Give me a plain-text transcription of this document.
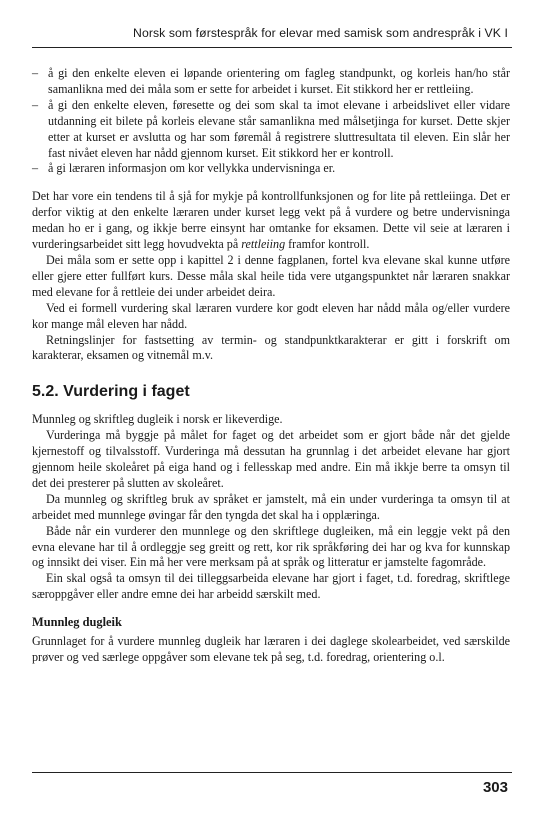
Norsk som førstespråk for elevar med samisk som andrespråk i VK I
– å gi den enkelte eleven ei løpande orientering om fagleg standpunkt, og korleis han/ho står samanlikna med dei måla som er sette for arbeidet i kurset. Eit stikkord her er rettleiing.
– å gi den enkelte eleven, føresette og dei som skal ta imot elevane i arbeidslivet eller vidare utdanning eit bilete på korleis elevane står samanlikna med målsetjinga for kurset. Dette skjer etter at kurset er avslutta og har som føremål å registrere sluttresultata til eleven. Ein slår her fast nivået eleven har nådd gjennom kurset. Eit stikkord her er kontroll.
– å gi læraren informasjon om kor vellykka undervisninga er.

Det har vore ein tendens til å sjå for mykje på kontrollfunksjonen og for lite på rettleiinga. Det er derfor viktig at den enkelte læraren under kurset legg vekt på å vurdere og betre undervisninga medan ho er i gang, og ikkje berre einsynt har omtanke for eksamen. Dette vil seie at læraren i vurderingsarbeidet sitt legg hovudvekta på rettleiing framfor kontroll.

Dei måla som er sette opp i kapittel 2 i denne fagplanen, fortel kva elevane skal kunne utføre eller gjere etter fullført kurs. Desse måla skal heile tida vere utgangspunktet når læraren snakkar med elevane for å rettleie dei under arbeidet deira.

Ved ei formell vurdering skal læraren vurdere kor godt eleven har nådd måla og/eller vurdere kor mange mål eleven har nådd.

Retningslinjer for fastsetting av termin- og standpunktkarakterar er gitt i forskrift om karakterar, eksamen og vitnemål m.v.

5.2. Vurdering i faget

Munnleg og skriftleg dugleik i norsk er likeverdige.

Vurderinga må byggje på målet for faget og det arbeidet som er gjort både når det gjelde kjernestoff og tilvalsstoff. Vurderinga må dessutan ha grunnlag i det arbeidet elevane har gjort gjennom heile skoleåret på eiga hand og i fellesskap med andre. Ein må ikkje berre ta omsyn til det dei presterer på slutten av skoleåret.

Da munnleg og skriftleg bruk av språket er jamstelt, må ein under vurderinga ta omsyn til at arbeidet med munnlege øvingar får den tyngda det skal ha i opplæringa.

Både når ein vurderer den munnlege og den skriftlege dugleiken, må ein leggje vekt på den evna elevane har til å ordleggje seg greitt og rett, kor rik språkføring dei har og kva for kunnskap og innsikt dei viser. Ein må her vere merksam på at språk og litteratur er jamstelte fagområde.

Ein skal også ta omsyn til dei tilleggsarbeida elevane har gjort i faget, t.d. foredrag, skriftlege særoppgåver eller andre emne dei har arbeidd særskilt med.

Munnleg dugleik

Grunnlaget for å vurdere munnleg dugleik har læraren i dei daglege skolearbeidet, ved særskilde prøver og ved særlege oppgåver som elevane tek på seg, t.d. foredrag, orientering o.l.

303
